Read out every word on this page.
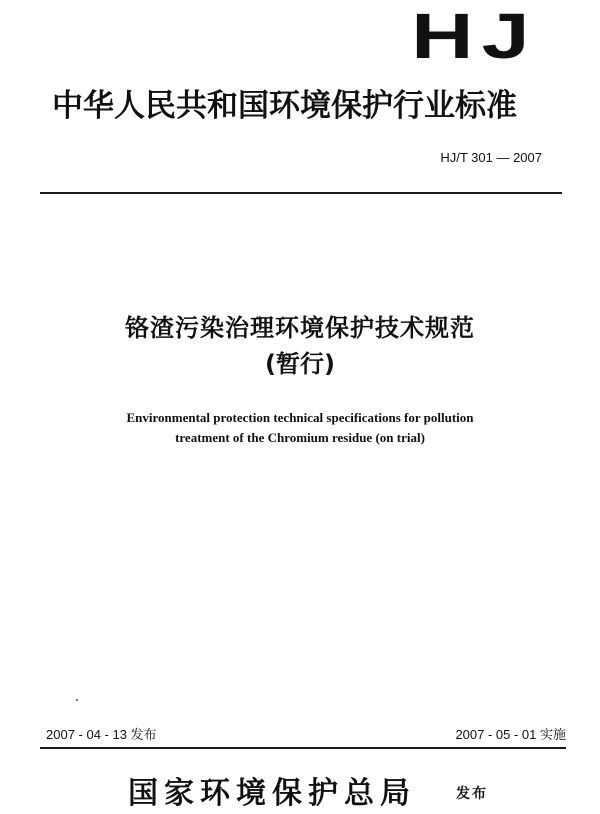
HJ
中华人民共和国环境保护行业标准
HJ/T 301 — 2007
铬渣污染治理环境保护技术规范
(暂行)
Environmental protection technical specifications for pollution
treatment of the Chromium residue (on trial)
2007 - 04 - 13 发布	2007 - 05 - 01 实施
国家环境保护总局	发布
